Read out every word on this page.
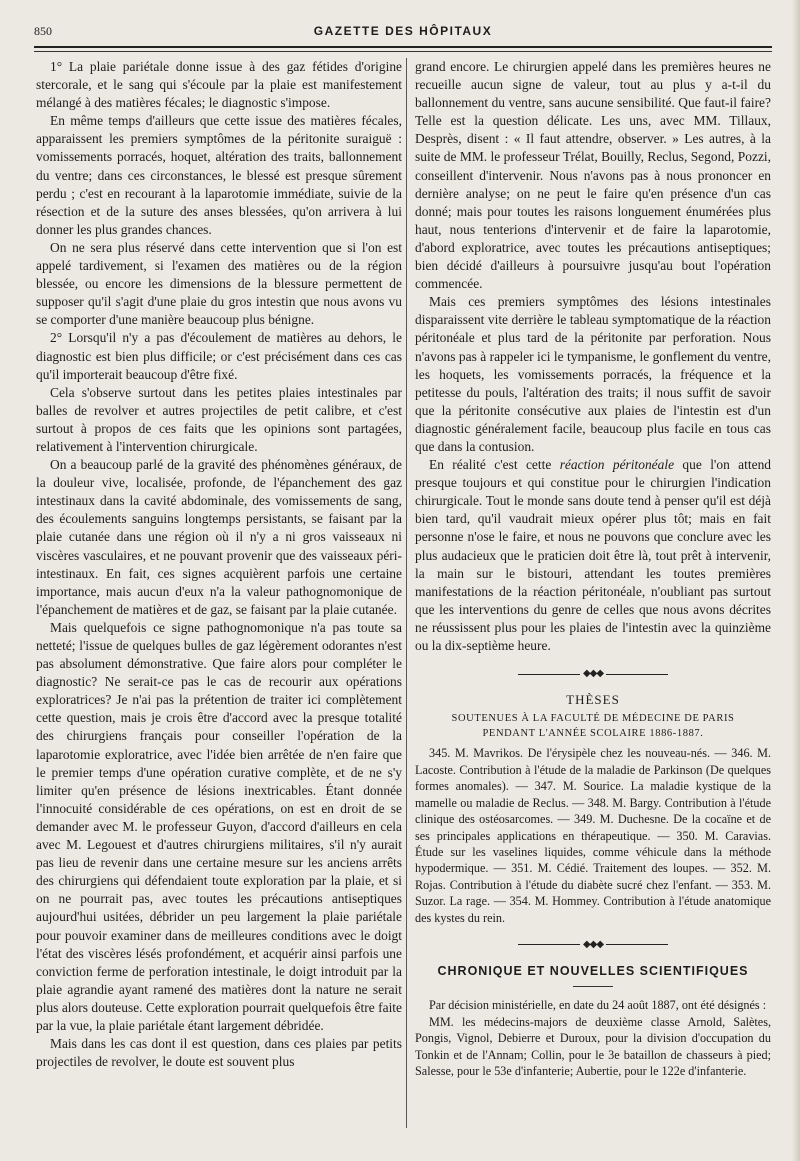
850	GAZETTE DES HÔPITAUX

1° La plaie pariétale donne issue à des gaz fétides d'origine stercorale, et le sang qui s'écoule par la plaie est manifestement mélangé à des matières fécales; le diagnostic s'impose.

En même temps d'ailleurs que cette issue des matières fécales, apparaissent les premiers symptômes de la péritonite suraiguë : vomissements porracés, hoquet, altération des traits, ballonnement du ventre; dans ces circonstances, le blessé est presque sûrement perdu ; c'est en recourant à la laparotomie immédiate, suivie de la résection et de la suture des anses blessées, qu'on arrivera à lui donner les plus grandes chances.

On ne sera plus réservé dans cette intervention que si l'on est appelé tardivement, si l'examen des matières ou de la région blessée, ou encore les dimensions de la blessure permettent de supposer qu'il s'agit d'une plaie du gros intestin que nous avons vu se comporter d'une manière beaucoup plus bénigne.

2° Lorsqu'il n'y a pas d'écoulement de matières au dehors, le diagnostic est bien plus difficile; or c'est précisément dans ces cas qu'il importerait beaucoup d'être fixé.

Cela s'observe surtout dans les petites plaies intestinales par balles de revolver et autres projectiles de petit calibre, et c'est surtout à propos de ces faits que les opinions sont partagées, relativement à l'intervention chirurgicale.

On a beaucoup parlé de la gravité des phénomènes généraux, de la douleur vive, localisée, profonde, de l'épanchement des gaz intestinaux dans la cavité abdominale, des vomissements de sang, des écoulements sanguins longtemps persistants, se faisant par la plaie cutanée dans une région où il n'y a ni gros vaisseaux ni viscères vasculaires, et ne pouvant provenir que des vaisseaux péri-intestinaux. En fait, ces signes acquièrent parfois une certaine importance, mais aucun d'eux n'a la valeur pathognomonique de l'épanchement de matières et de gaz, se faisant par la plaie cutanée.

Mais quelquefois ce signe pathognomonique n'a pas toute sa netteté; l'issue de quelques bulles de gaz légèrement odorantes n'est pas absolument démonstrative. Que faire alors pour compléter le diagnostic? Ne serait-ce pas le cas de recourir aux opérations exploratrices? Je n'ai pas la prétention de traiter ici complètement cette question, mais je crois être d'accord avec la presque totalité des chirurgiens français pour conseiller l'opération de la laparotomie exploratrice, avec l'idée bien arrêtée de n'en faire que le premier temps d'une opération curative complète, et de ne s'y limiter qu'en présence de lésions inextricables. Étant donnée l'innocuité considérable de ces opérations, on est en droit de se demander avec M. le professeur Guyon, d'accord d'ailleurs en cela avec M. Legouest et d'autres chirurgiens militaires, s'il n'y aurait pas lieu de revenir dans une certaine mesure sur les anciens arrêts des chirurgiens qui défendaient toute exploration par la plaie, et si on ne pourrait pas, avec toutes les précautions antiseptiques aujourd'hui usitées, débrider un peu largement la plaie pariétale pour pouvoir examiner dans de meilleures conditions avec le doigt l'état des viscères lésés profondément, et acquérir ainsi parfois une conviction ferme de perforation intestinale, le doigt introduit par la plaie agrandie ayant ramené des matières dont la nature ne serait plus alors douteuse. Cette exploration pourrait quelquefois être faite par la vue, la plaie pariétale étant largement débridée.

Mais dans les cas dont il est question, dans ces plaies par petits projectiles de revolver, le doute est souvent plus

grand encore. Le chirurgien appelé dans les premières heures ne recueille aucun signe de valeur, tout au plus y a-t-il du ballonnement du ventre, sans aucune sensibilité. Que faut-il faire? Telle est la question délicate. Les uns, avec MM. Tillaux, Desprès, disent : « Il faut attendre, observer. » Les autres, à la suite de MM. le professeur Trélat, Bouilly, Reclus, Segond, Pozzi, conseillent d'intervenir. Nous n'avons pas à nous prononcer en dernière analyse; on ne peut le faire qu'en présence d'un cas donné; mais pour toutes les raisons longuement énumérées plus haut, nous tenterions d'intervenir et de faire la laparotomie, d'abord exploratrice, avec toutes les précautions antiseptiques; bien décidé d'ailleurs à poursuivre jusqu'au bout l'opération commencée.

Mais ces premiers symptômes des lésions intestinales disparaissent vite derrière le tableau symptomatique de la réaction péritonéale et plus tard de la péritonite par perforation. Nous n'avons pas à rappeler ici le tympanisme, le gonflement du ventre, les hoquets, les vomissements porracés, la fréquence et la petitesse du pouls, l'altération des traits; il nous suffit de savoir que la péritonite consécutive aux plaies de l'intestin est d'un diagnostic généralement facile, beaucoup plus facile en tous cas que dans la contusion.

En réalité c'est cette réaction péritonéale que l'on attend presque toujours et qui constitue pour le chirurgien l'indication chirurgicale. Tout le monde sans doute tend à penser qu'il est déjà bien tard, qu'il vaudrait mieux opérer plus tôt; mais en fait personne n'ose le faire, et nous ne pouvons que conclure avec les plus audacieux que le praticien doit être là, tout prêt à intervenir, la main sur le bistouri, attendant les toutes premières manifestations de la réaction péritonéale, n'oubliant pas surtout que les interventions du genre de celles que nous avons décrites ne réussissent plus pour les plaies de l'intestin avec la quinzième ou la dix-septième heure.

◆◆◆
THÈSES
SOUTENUES À LA FACULTÉ DE MÉDECINE DE PARIS
PENDANT L'ANNÉE SCOLAIRE 1886-1887.

345. M. Mavrikos. De l'érysipèle chez les nouveau-nés. — 346. M. Lacoste. Contribution à l'étude de la maladie de Parkinson (De quelques formes anomales). — 347. M. Sourice. La maladie kystique de la mamelle ou maladie de Reclus. — 348. M. Bargy. Contribution à l'étude clinique des ostéosarcomes. — 349. M. Duchesne. De la cocaïne et de ses principales applications en thérapeutique. — 350. M. Caravias. Étude sur les vaselines liquides, comme véhicule dans la méthode hypodermique. — 351. M. Cédié. Traitement des loupes. — 352. M. Rojas. Contribution à l'étude du diabète sucré chez l'enfant. — 353. M. Suzor. La rage. — 354. M. Hommey. Contribution à l'étude anatomique des kystes du rein.

◆◆◆
CHRONIQUE ET NOUVELLES SCIENTIFIQUES

Par décision ministérielle, en date du 24 août 1887, ont été désignés :

MM. les médecins-majors de deuxième classe Arnold, Salètes, Pongis, Vignol, Debierre et Duroux, pour la division d'occupation du Tonkin et de l'Annam; Collin, pour le 3e bataillon de chasseurs à pied; Salesse, pour le 53e d'infanterie; Aubertie, pour le 122e d'infanterie.
